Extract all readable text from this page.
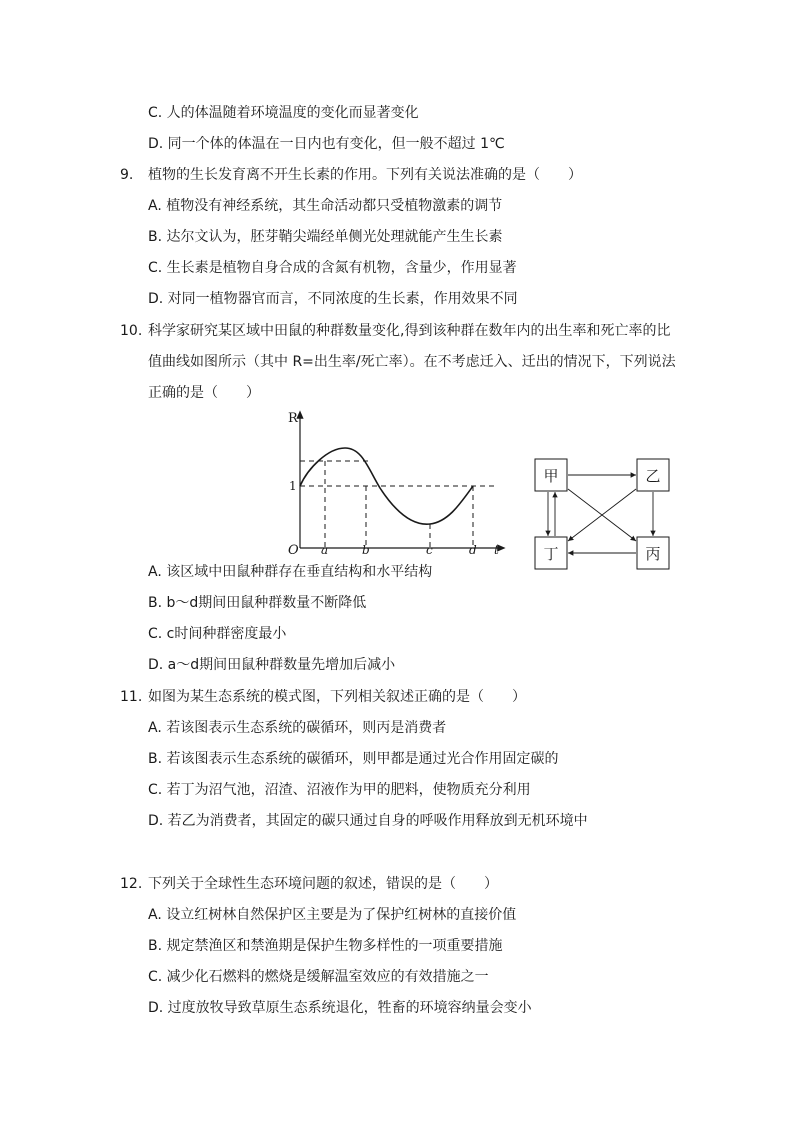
C. 人的体温随着环境温度的变化而显著变化
D. 同一个体的体温在一日内也有变化，但一般不超过 1℃
9. 植物的生长发育离不开生长素的作用。下列有关说法准确的是（　　）
A. 植物没有神经系统，其生命活动都只受植物激素的调节
B. 达尔文认为，胚芽鞘尖端经单侧光处理就能产生生长素
C. 生长素是植物自身合成的含氮有机物，含量少，作用显著
D. 对同一植物器官而言，不同浓度的生长素，作用效果不同
10. 科学家研究某区域中田鼠的种群数量变化,得到该种群在数年内的出生率和死亡率的比
值曲线如图所示（其中 R=出生率/死亡率）。在不考虑迁入、迁出的情况下，下列说法
正确的是（　　）
R
1
O a	b	c	d t
甲	乙
丁	丙
A. 该区域中田鼠种群存在垂直结构和水平结构
B. b～d期间田鼠种群数量不断降低
C. c时间种群密度最小
D. a～d期间田鼠种群数量先增加后减小
11. 如图为某生态系统的模式图，下列相关叙述正确的是（　　）
A. 若该图表示生态系统的碳循环，则丙是消费者
B. 若该图表示生态系统的碳循环，则甲都是通过光合作用固定碳的
C. 若丁为沼气池，沼渣、沼液作为甲的肥料，使物质充分利用
D. 若乙为消费者，其固定的碳只通过自身的呼吸作用释放到无机环境中
12. 下列关于全球性生态环境问题的叙述，错误的是（　　）
A. 设立红树林自然保护区主要是为了保护红树林的直接价值
B. 规定禁渔区和禁渔期是保护生物多样性的一项重要措施
C. 减少化石燃料的燃烧是缓解温室效应的有效措施之一
D. 过度放牧导致草原生态系统退化，牲畜的环境容纳量会变小
